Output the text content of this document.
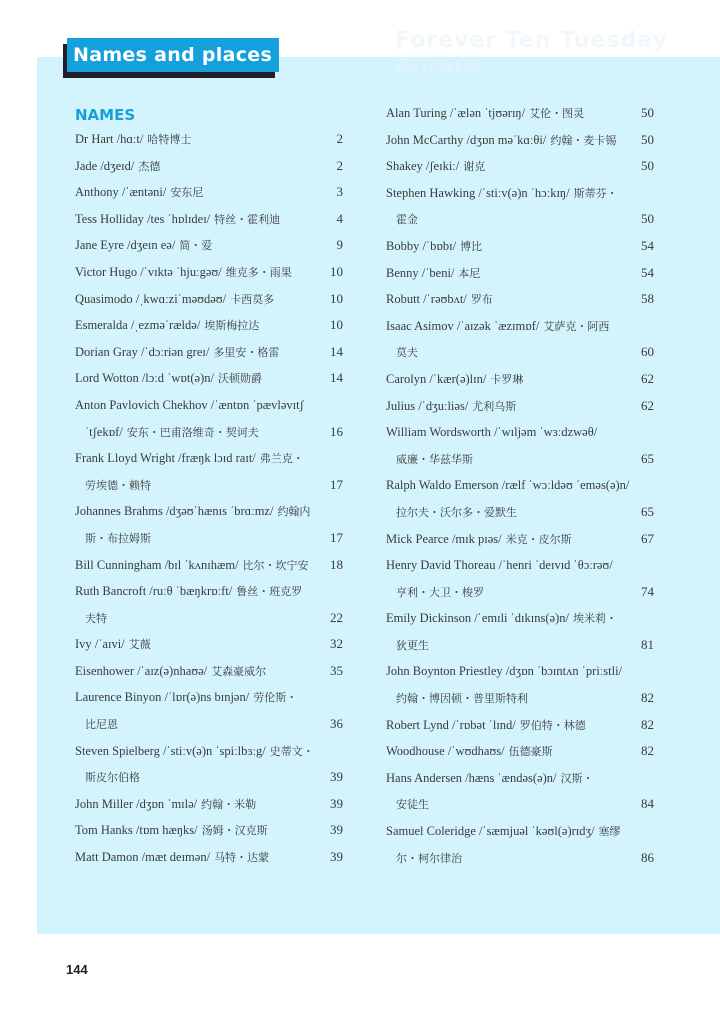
Forever Ten Tuesday bilibili
Names and places
NAMES
Dr Hart /hɑːt/ 哈特博士	2
Jade /dʒeɪd/ 杰德	2
Anthony /ˈæntəni/ 安东尼	3
Tess Holliday /tes ˈhɒlɪdeɪ/ 特丝・霍利迪	4
Jane Eyre /dʒeɪn eə/ 简・爱	9
Victor Hugo /ˈvɪktə ˈhjuːgəʊ/ 维克多・雨果	10
Quasimodo /ˌkwɑːziˈməʊdəʊ/ 卡西莫多	10
Esmeralda /ˌezməˈrældə/ 埃斯梅拉达	10
Dorian Gray /ˈdɔːriən greɪ/ 多里安・格雷	14
Lord Wotton /lɔːd ˈwɒt(ə)n/ 沃顿勋爵	14
Anton Pavlovich Chekhov /ˈæntɒn ˈpævləvɪtʃ
ˈtʃekɒf/ 安东・巴甫洛维奇・契诃夫	16
Frank Lloyd Wright /fræŋk lɔɪd raɪt/ 弗兰克・
劳埃德・赖特	17
Johannes Brahms /dʒəʊˈhænɪs ˈbrɑːmz/ 约翰内
斯・布拉姆斯	17
Bill Cunningham /bɪl ˈkʌnɪhæm/ 比尔・坎宁安 18
Ruth Bancroft /ruːθ ˈbæŋkrɒːft/ 鲁丝・班克罗
夫特	22
Ivy /ˈaɪvi/ 艾薇	32
Eisenhower /ˈaɪz(ə)nhaʊə/ 艾森豪威尔	35
Laurence Binyon /ˈlɒr(ə)ns bɪnjən/ 劳伦斯・
比尼恩	36
Steven Spielberg /ˈstiːv(ə)n ˈspiːlbɜːg/ 史蒂文・
斯皮尔伯格	39
John Miller /dʒɒn ˈmɪlə/ 约翰・米勒	39
Tom Hanks /tɒm hæŋks/ 汤姆・汉克斯	39
Matt Damon /mæt deɪmən/ 马特・达蒙	39
Alan Turing /ˈælən ˈtjʊərɪŋ/ 艾伦・图灵	50
John McCarthy /dʒɒn məˈkɑːθi/ 约翰・麦卡锡 50
Shakey /ʃeɪkiː/ 谢克	50
Stephen Hawking /ˈstiːv(ə)n ˈhɔːkɪŋ/ 斯蒂芬・
霍金	50
Bobby /ˈbɒbɪ/ 博比	54
Benny /ˈbeni/ 本尼	54
Robutt /ˈrəʊbʌt/ 罗布	58
Isaac Asimov /ˈaɪzək ˈæzɪmɒf/ 艾萨克・阿西
莫夫	60
Carolyn /ˈkær(ə)lɪn/ 卡罗琳	62
Julius /ˈdʒuːliəs/ 尤利乌斯	62
William Wordsworth /ˈwɪljəm ˈwɜːdzwəθ/
威廉・华兹华斯	65
Ralph Waldo Emerson /rælf ˈwɔːldəʊ ˈeməs(ə)n/
拉尔夫・沃尔多・爱默生	65
Mick Pearce /mɪk pɪəs/ 米克・皮尔斯	67
Henry David Thoreau /ˈhenri ˈdeɪvɪd ˈθɔːrəʊ/
亨利・大卫・梭罗	74
Emily Dickinson /ˈemɪli ˈdɪkɪns(ə)n/ 埃米莉・
狄更生	81
John Boynton Priestley /dʒɒn ˈbɔɪntʌn ˈpriːstli/
约翰・博因顿・普里斯特利	82
Robert Lynd /ˈrɒbət ˈlɪnd/ 罗伯特・林德	82
Woodhouse /ˈwʊdhaʊs/ 伍德豪斯	82
Hans Andersen /hæns ˈændəs(ə)n/ 汉斯・
安徒生	84
Samuel Coleridge /ˈsæmjuəl ˈkəʊl(ə)rɪdʒ/ 塞缪
尔・柯尔律治	86
144
